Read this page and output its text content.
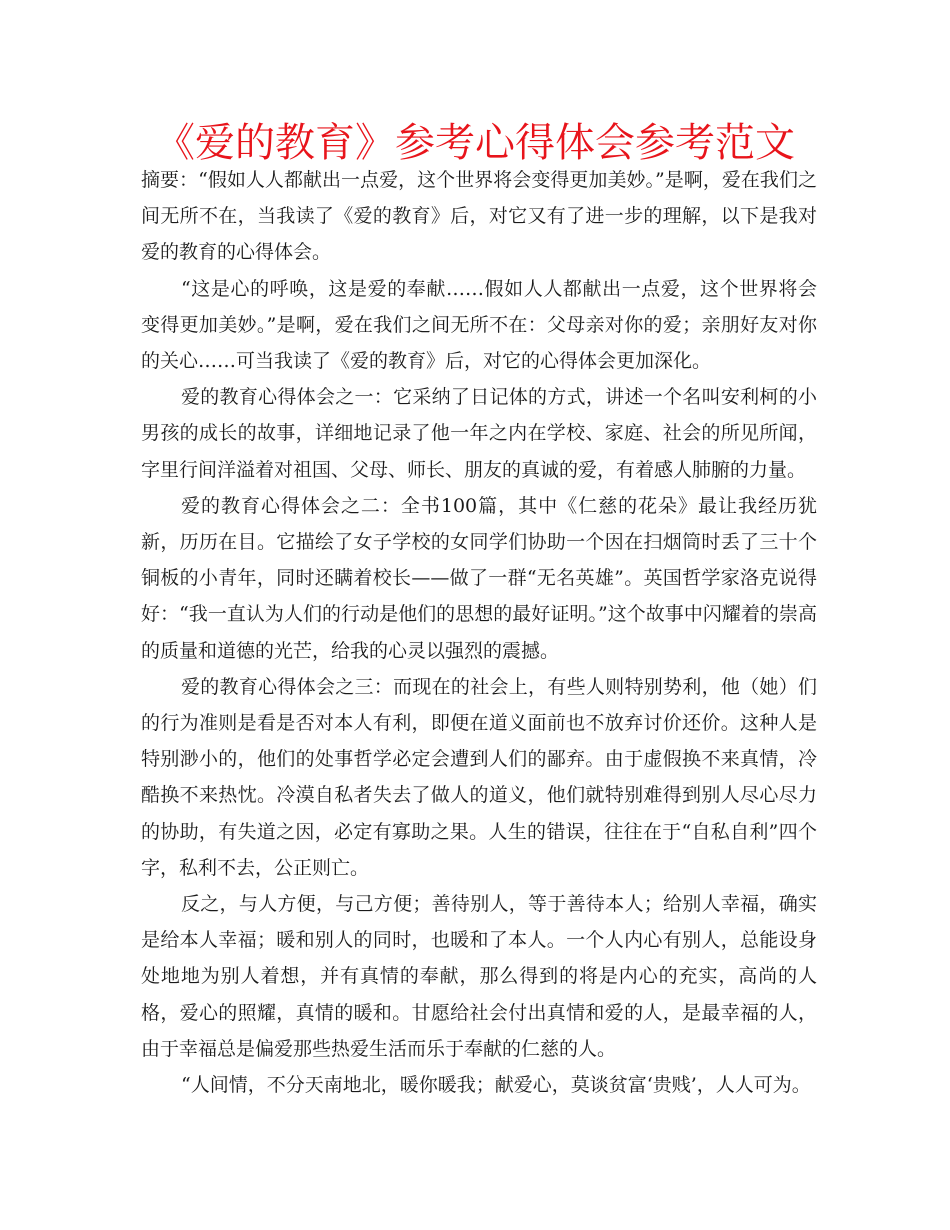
《爱的教育》参考心得体会参考范文

摘要：“假如人人都献出一点爱，这个世界将会变得更加美妙。”是啊，爱在我们之间无所不在，当我读了《爱的教育》后，对它又有了进一步的理解，以下是我对爱的教育的心得体会。

“这是心的呼唤，这是爱的奉献……假如人人都献出一点爱，这个世界将会变得更加美妙。”是啊，爱在我们之间无所不在：父母亲对你的爱；亲朋好友对你的关心……可当我读了《爱的教育》后，对它的心得体会更加深化。

爱的教育心得体会之一：它采纳了日记体的方式，讲述一个名叫安利柯的小男孩的成长的故事，详细地记录了他一年之内在学校、家庭、社会的所见所闻，字里行间洋溢着对祖国、父母、师长、朋友的真诚的爱，有着感人肺腑的力量。

爱的教育心得体会之二：全书100篇，其中《仁慈的花朵》最让我经历犹新，历历在目。它描绘了女子学校的女同学们协助一个因在扫烟筒时丢了三十个铜板的小青年，同时还瞒着校长——做了一群“无名英雄”。英国哲学家洛克说得好：“我一直认为人们的行动是他们的思想的最好证明。”这个故事中闪耀着的崇高的质量和道德的光芒，给我的心灵以强烈的震撼。

爱的教育心得体会之三：而现在的社会上，有些人则特别势利，他（她）们的行为准则是看是否对本人有利，即便在道义面前也不放弃讨价还价。这种人是特别渺小的，他们的处事哲学必定会遭到人们的鄙弃。由于虚假换不来真情，冷酷换不来热忱。冷漠自私者失去了做人的道义，他们就特别难得到别人尽心尽力的协助，有失道之因，必定有寡助之果。人生的错误，往往在于“自私自利”四个字，私利不去，公正则亡。

反之，与人方便，与己方便；善待别人，等于善待本人；给别人幸福，确实是给本人幸福；暖和别人的同时，也暖和了本人。一个人内心有别人，总能设身处地地为别人着想，并有真情的奉献，那么得到的将是内心的充实，高尚的人格，爱心的照耀，真情的暖和。甘愿给社会付出真情和爱的人，是最幸福的人，由于幸福总是偏爱那些热爱生活而乐于奉献的仁慈的人。

“人间情，不分天南地北，暖你暖我；献爱心，莫谈贫富‘贵贱’，人人可为。
